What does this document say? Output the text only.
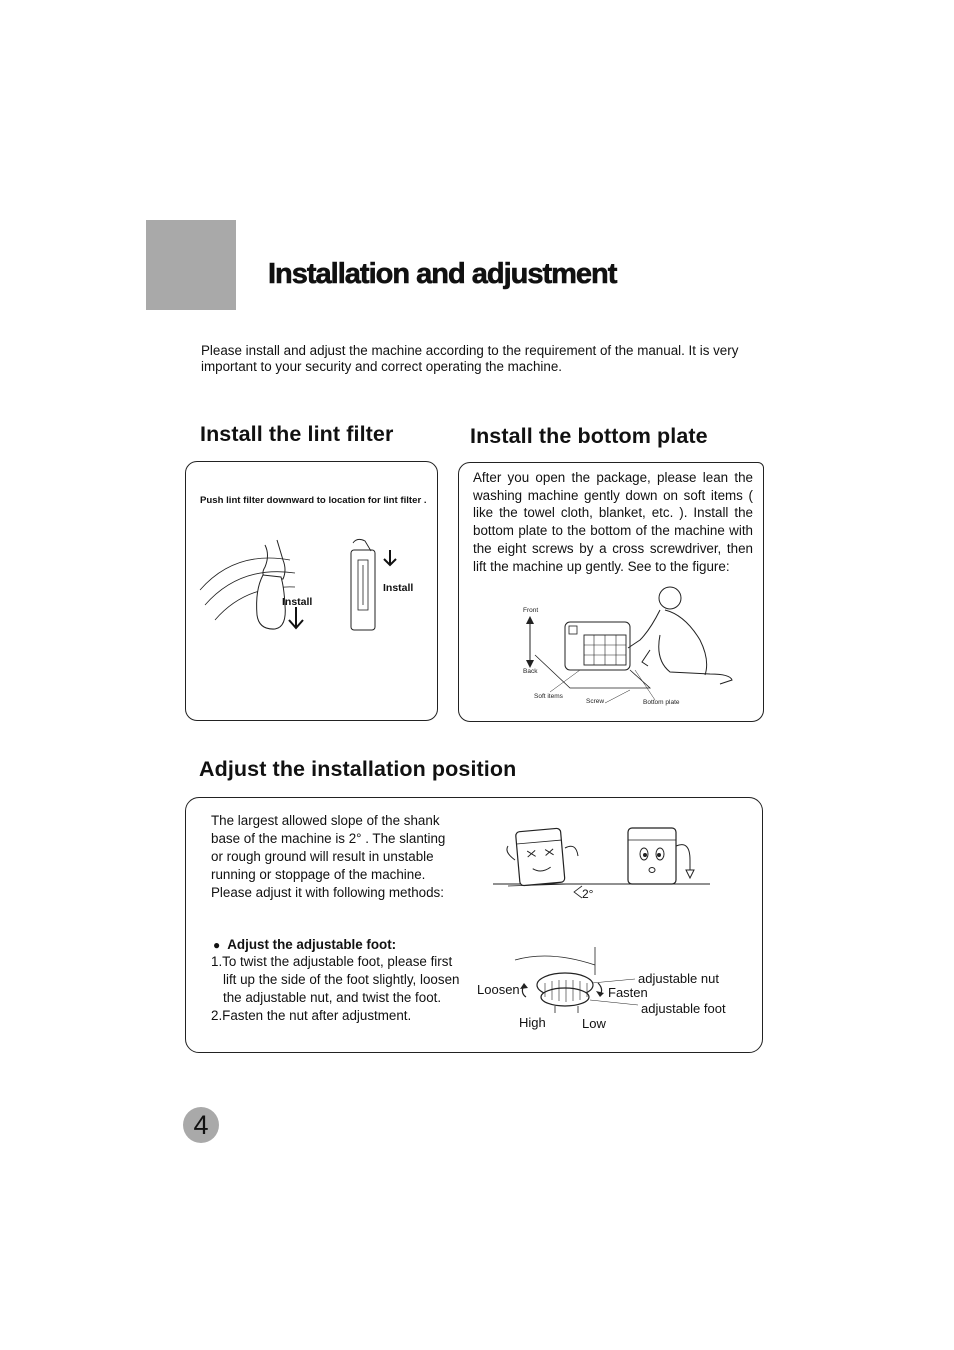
Installation and adjustment
Please install and adjust the machine according to the requirement of the manual. It is very important to your security and correct operating the machine.
Install the lint filter
Push lint filter downward to location for lint filter .
Install
Install
Install the bottom plate
After you open the package, please lean the washing machine gently down on soft items ( like the towel cloth, blanket, etc. ). Install the bottom plate to the bottom of the machine with the eight screws by a cross screwdriver, then lift the machine up gently. See to the figure:
Front
Back
Soft items
Screw	Bottom plate
Adjust the installation position
The largest allowed slope of the shank base of the machine is 2° . The slanting or rough ground will result in unstable running or stoppage of the machine. Please adjust it with following methods:
● Adjust the adjustable foot:
1.To twist the adjustable foot, please first lift up the side of the foot slightly, loosen the adjustable nut, and twist the foot.
2.Fasten the nut after adjustment.
2°
Loosen	Fasten
adjustable nut
adjustable foot
High	Low
4
